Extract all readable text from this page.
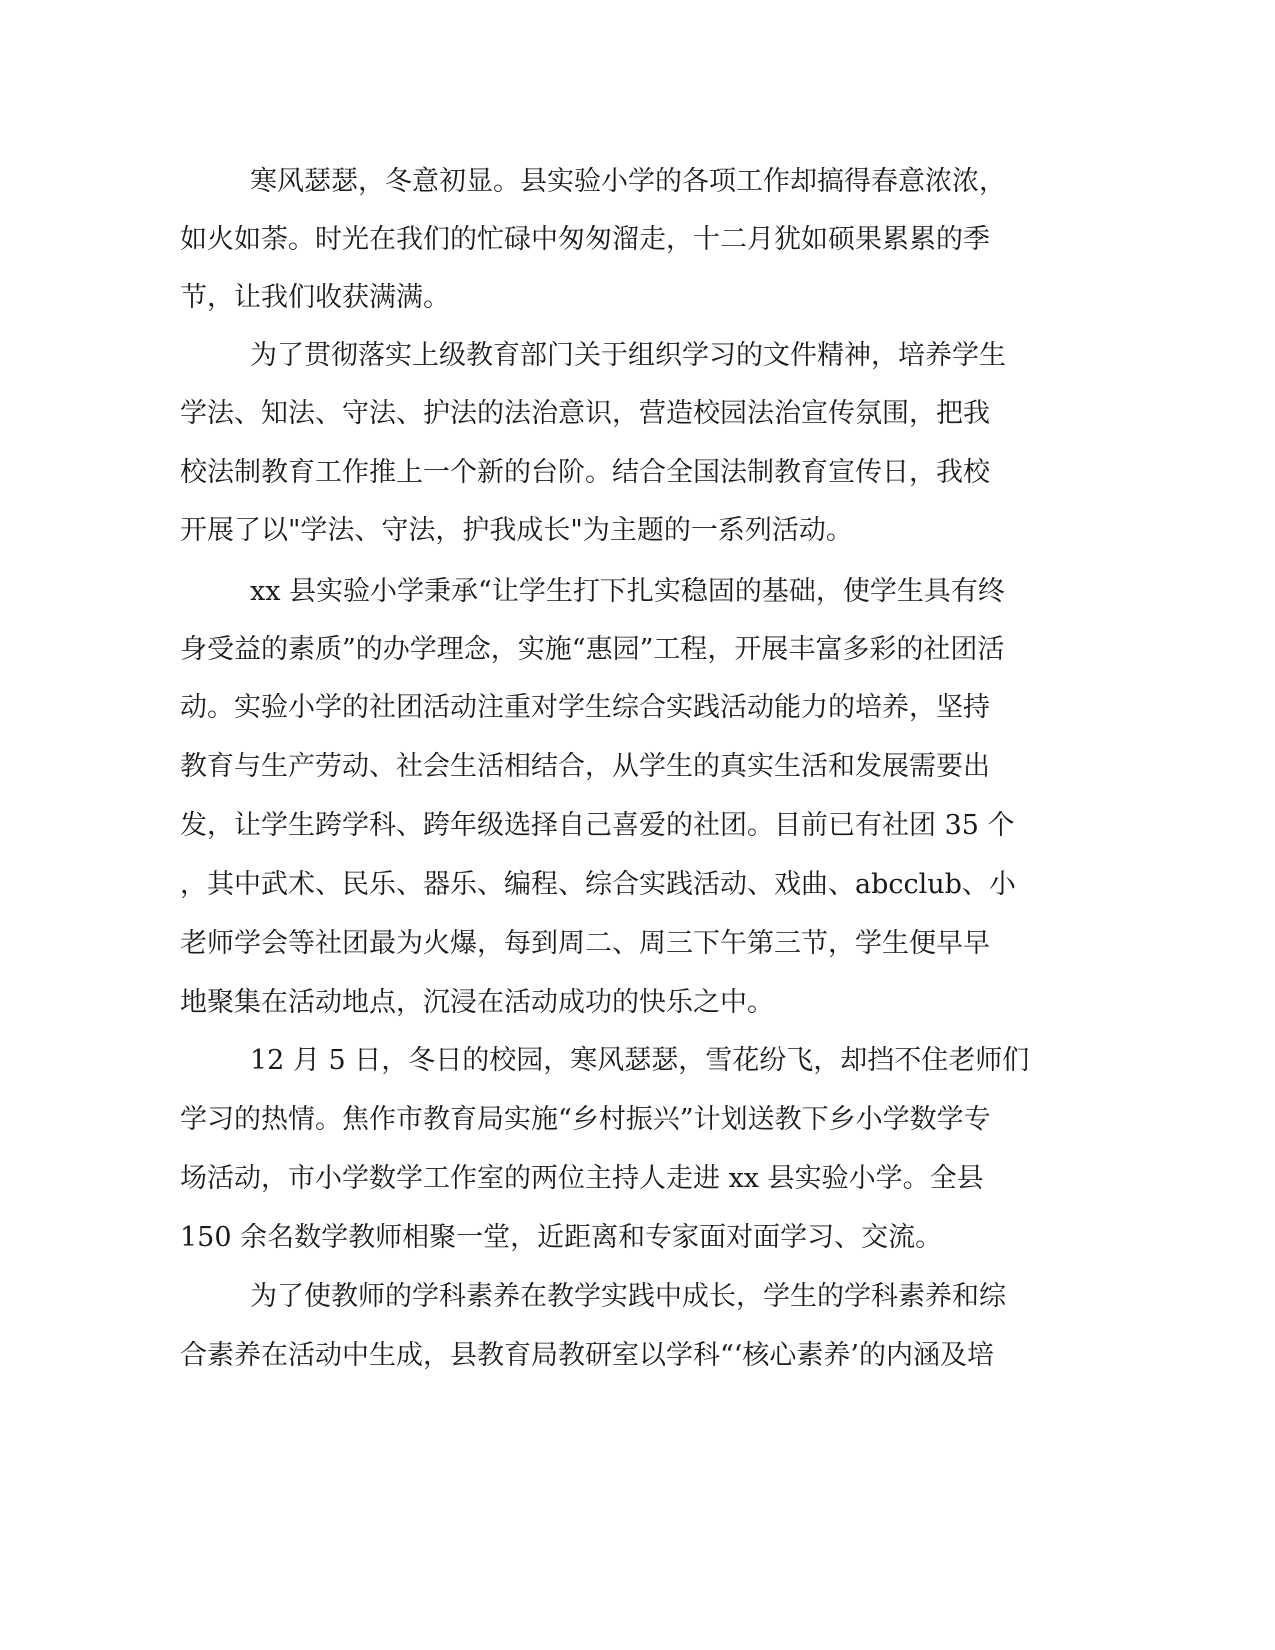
寒风瑟瑟，冬意初显。县实验小学的各项工作却搞得春意浓浓，
如火如荼。时光在我们的忙碌中匆匆溜走，十二月犹如硕果累累的季
节，让我们收获满满。
为了贯彻落实上级教育部门关于组织学习的文件精神，培养学生
学法、知法、守法、护法的法治意识，营造校园法治宣传氛围，把我
校法制教育工作推上一个新的台阶。结合全国法制教育宣传日，我校
开展了以"学法、守法，护我成长"为主题的一系列活动。
xx 县实验小学秉承“让学生打下扎实稳固的基础，使学生具有终
身受益的素质”的办学理念，实施“惠园”工程，开展丰富多彩的社团活
动。实验小学的社团活动注重对学生综合实践活动能力的培养，坚持
教育与生产劳动、社会生活相结合，从学生的真实生活和发展需要出
发，让学生跨学科、跨年级选择自己喜爱的社团。目前已有社团 35 个
，其中武术、民乐、器乐、编程、综合实践活动、戏曲、abcclub、小
老师学会等社团最为火爆，每到周二、周三下午第三节，学生便早早
地聚集在活动地点，沉浸在活动成功的快乐之中。
12 月 5 日，冬日的校园，寒风瑟瑟，雪花纷飞，却挡不住老师们
学习的热情。焦作市教育局实施“乡村振兴”计划送教下乡小学数学专
场活动，市小学数学工作室的两位主持人走进 xx 县实验小学。全县
150 余名数学教师相聚一堂，近距离和专家面对面学习、交流。
为了使教师的学科素养在教学实践中成长，学生的学科素养和综
合素养在活动中生成，县教育局教研室以学科“‘核心素养’的内涵及培
